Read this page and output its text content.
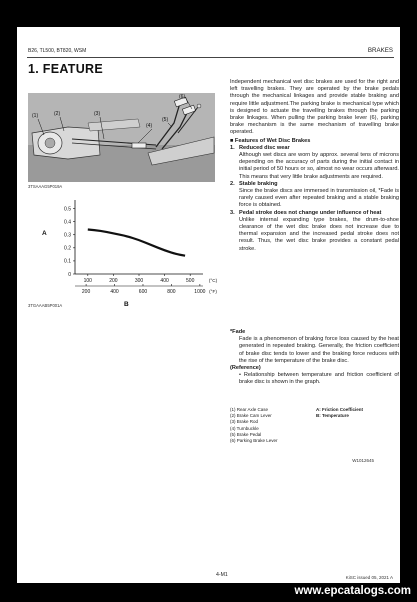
B26, TL500, BT820, WSM	BRAKES
1. FEATURE
(1)	(2)	(3)
(4)
(5)
(6)
3TSAAAG5P019A
0.5
0.4
0.3
0.2
0.1
0
100	200	300	400	500	(°C)
200	400	600	800	1000 (°F)
A
B
3TGAAAB5P001A

Independent mechanical wet disc brakes are used for the right and left travelling brakes. They are operated by the brake pedals through the mechanical linkages and provide stable braking and require little adjustment.The parking brake is mechanical type which is designed to actuate the travelling brakes through the parking brake linkages. When pulling the parking brake lever (6), parking brake mechanism is the same mechanism of travelling brake operated.

■ Features of Wet Disc Brakes
1. Reduced disc wear

Although wet discs are worn by approx. several tens of microns depending on the accuracy of parts during the initial contact in initial period of 50 hours or so, almost no wear occurs afterward. This means that very little brake adjustments are required.

2. Stable braking

Since the brake discs are immersed in transmission oil, *Fade is rarely caused even after repeated braking and a stable braking force is obtained.

3. Pedal stroke does not change under influence of heat

Unlike internal expanding type brakes, the drum-to-shoe clearance of the wet disc brake does not increase due to thermal expansion and the increased pedal stroke does not result. Thus, the wet disc brake provides a constant pedal stroke.

*Fade

Fade is a phenomenon of braking force loss caused by the heat generated in repeated braking. Generally, the friction coefficient of brake disc tends to lower and the braking force reduces with the rise of the temperature of the brake disc.

(Reference)

• Relationship between temperature and friction coefficient of brake disc is shown in the graph.

(1) Rear Axle Case	A: Friction Coefficient
(2) Brake Cam Lever	B: Temperature
(3) Brake Rod
(4) Turnbuckle
(5) Brake Pedal
(6) Parking Brake Lever
W1012645
4-M1	KiSC issued 05, 2021 A
www.epcatalogs.com
